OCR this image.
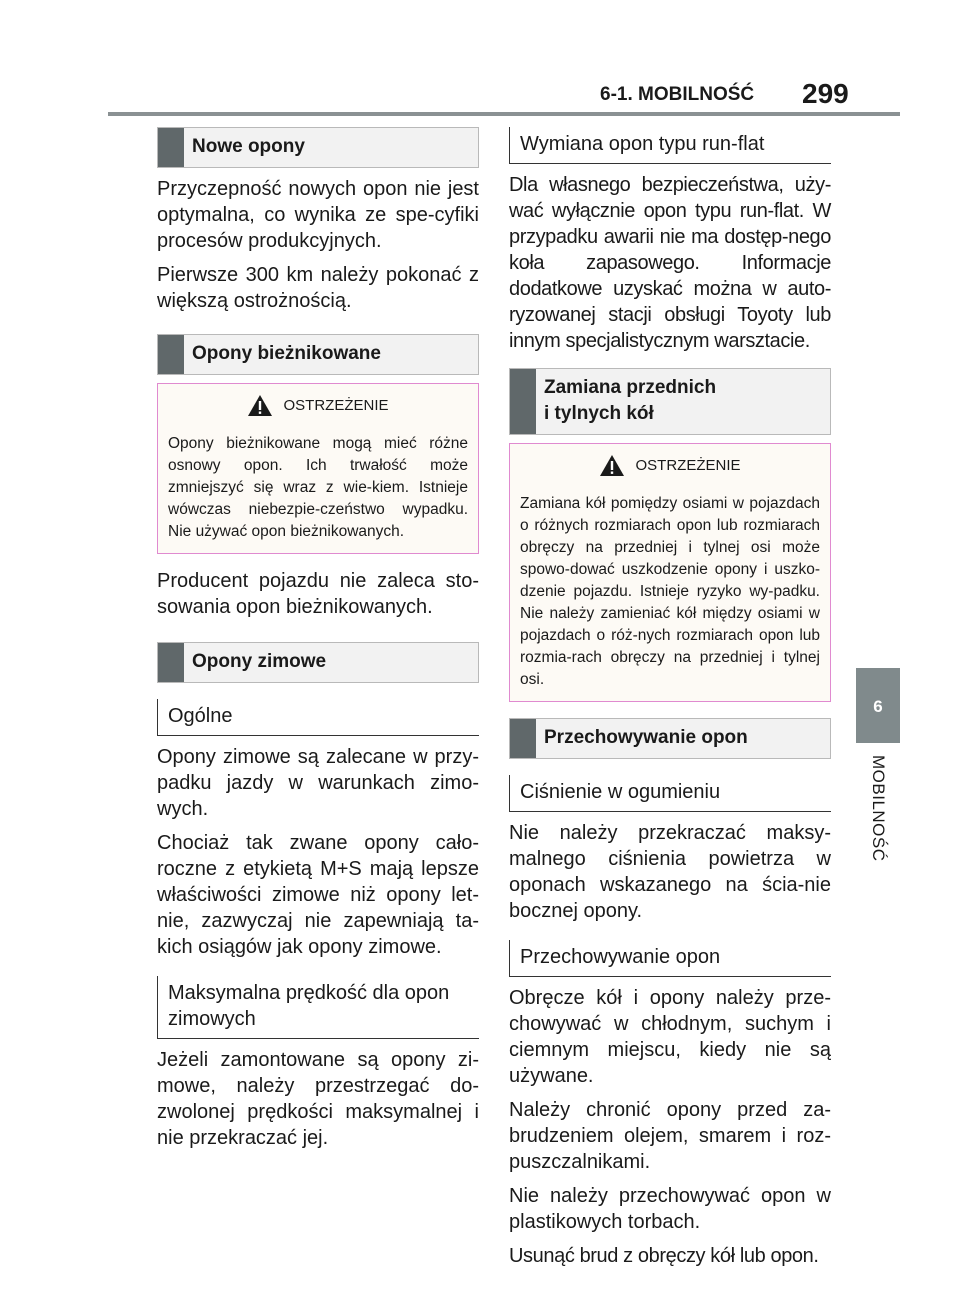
6-1. MOBILNOŚĆ 299
6
MOBILNOŚĆ
Nowe opony

Przyczepność nowych opon nie jest optymalna, co wynika ze spe-cyfiki procesów produkcyjnych.

Pierwsze 300 km należy pokonać z większą ostrożnością.

Opony bieżnikowane
OSTRZEŻENIE
Opony bieżnikowane mogą mieć różne osnowy opon. Ich trwałość może zmniejszyć się wraz z wie-kiem. Istnieje wówczas niebezpie-czeństwo wypadku. Nie używać opon bieżnikowanych.

Producent pojazdu nie zaleca sto-sowania opon bieżnikowanych.

Opony zimowe
Ogólne

Opony zimowe są zalecane w przy-padku jazdy w warunkach zimo-wych.

Chociaż tak zwane opony cało-roczne z etykietą M+S mają lepsze właściwości zimowe niż opony let-nie, zazwyczaj nie zapewniają ta-kich osiągów jak opony zimowe.

Maksymalna prędkość dla opon zimowych

Jeżeli zamontowane są opony zi-mowe, należy przestrzegać do-zwolonej prędkości maksymalnej i nie przekraczać jej.

Wymiana opon typu run-flat

Dla własnego bezpieczeństwa, uży-wać wyłącznie opon typu run-flat. W przypadku awarii nie ma dostęp-nego koła zapasowego. Informacje dodatkowe uzyskać można w auto-ryzowanej stacji obsługi Toyoty lub innym specjalistycznym warsztacie.

Zamiana przednich
i tylnych kół
OSTRZEŻENIE
Zamiana kół pomiędzy osiami w pojazdach o różnych rozmiarach opon lub rozmiarach obręczy na przedniej i tylnej osi może spowo-dować uszkodzenie opony i uszko-dzenie pojazdu. Istnieje ryzyko wy-padku. Nie należy zamieniać kół między osiami w pojazdach o róż-nych rozmiarach opon lub rozmia-rach obręczy na przedniej i tylnej osi.
Przechowywanie opon
Ciśnienie w ogumieniu

Nie należy przekraczać maksy-malnego ciśnienia powietrza w oponach wskazanego na ścia-nie bocznej opony.

Przechowywanie opon

Obręcze kół i opony należy prze-chowywać w chłodnym, suchym i ciemnym miejscu, kiedy nie są używane.

Należy chronić opony przed za-brudzeniem olejem, smarem i roz-puszczalnikami.

Nie należy przechowywać opon w plastikowych torbach.

Usunąć brud z obręczy kół lub opon.
